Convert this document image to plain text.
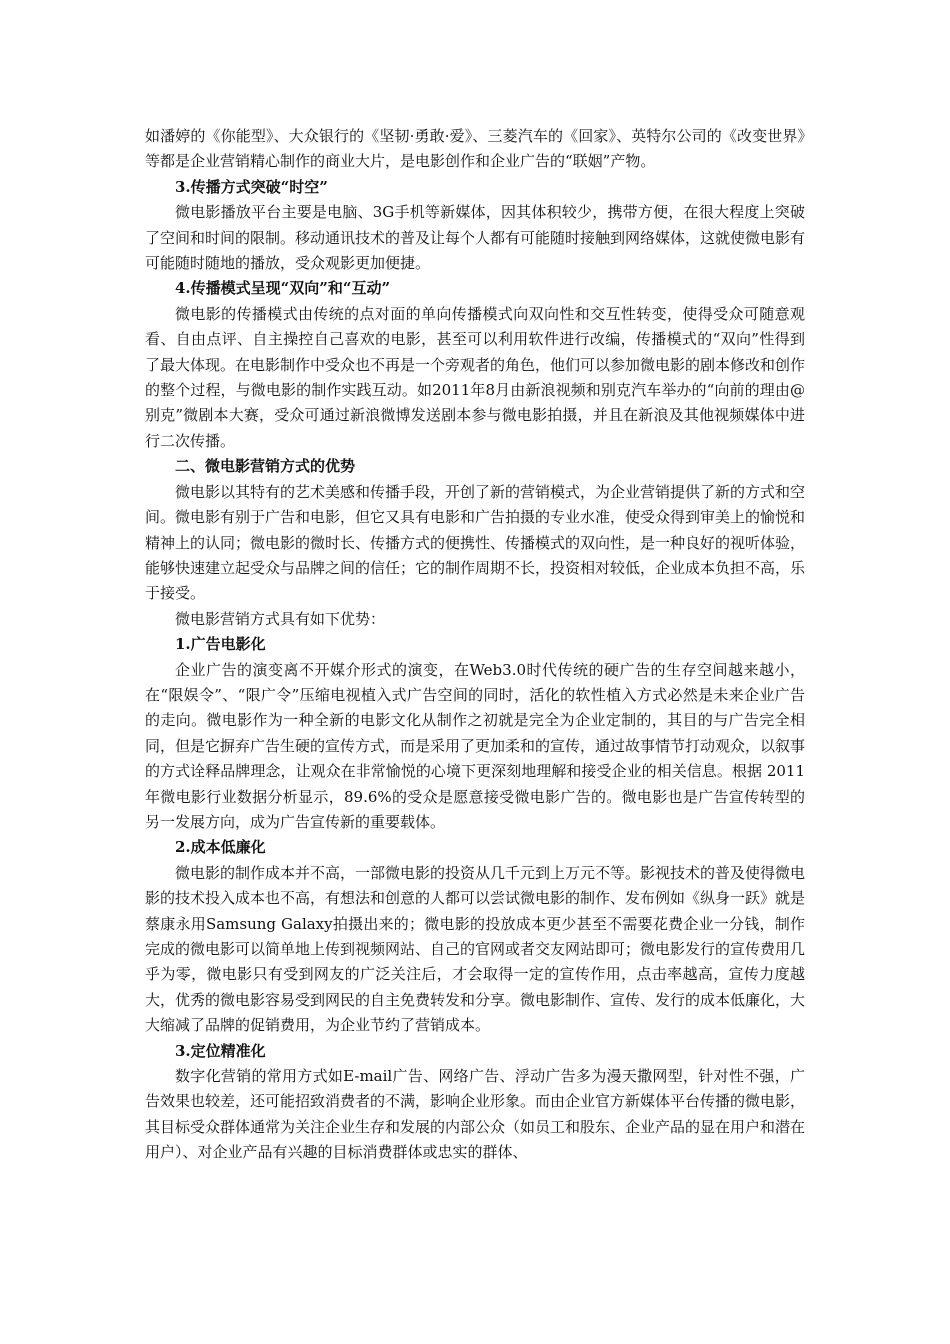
如潘婷的《你能型》、大众银行的《坚韧·勇敢·爱》、三菱汽车的《回家》、英特尔公司的《改变世界》等都是企业营销精心制作的商业大片，是电影创作和企业广告的“联姻”产物。

3.传播方式突破“时空”

微电影播放平台主要是电脑、3G手机等新媒体，因其体积较少，携带方便，在很大程度上突破了空间和时间的限制。移动通讯技术的普及让每个人都有可能随时接触到网络媒体，这就使微电影有可能随时随地的播放，受众观影更加便捷。

4.传播模式呈现“双向”和“互动”

微电影的传播模式由传统的点对面的单向传播模式向双向性和交互性转变，使得受众可随意观看、自由点评、自主操控自己喜欢的电影，甚至可以利用软件进行改编，传播模式的“双向”性得到了最大体现。在电影制作中受众也不再是一个旁观者的角色，他们可以参加微电影的剧本修改和创作的整个过程，与微电影的制作实践互动。如2011年8月由新浪视频和别克汽车举办的“向前的理由@别克”微剧本大赛，受众可通过新浪微博发送剧本参与微电影拍摄，并且在新浪及其他视频媒体中进行二次传播。

二、微电影营销方式的优势

微电影以其特有的艺术美感和传播手段，开创了新的营销模式，为企业营销提供了新的方式和空间。微电影有别于广告和电影，但它又具有电影和广告拍摄的专业水准，使受众得到审美上的愉悦和精神上的认同；微电影的微时长、传播方式的便携性、传播模式的双向性，是一种良好的视听体验，能够快速建立起受众与品牌之间的信任；它的制作周期不长，投资相对较低，企业成本负担不高，乐于接受。

微电影营销方式具有如下优势：

1.广告电影化

企业广告的演变离不开媒介形式的演变，在Web3.0时代传统的硬广告的生存空间越来越小，在“限娱令”、“限广令”压缩电视植入式广告空间的同时，活化的软性植入方式必然是未来企业广告的走向。微电影作为一种全新的电影文化从制作之初就是完全为企业定制的，其目的与广告完全相同，但是它摒弃广告生硬的宣传方式，而是采用了更加柔和的宣传，通过故事情节打动观众，以叙事的方式诠释品牌理念，让观众在非常愉悦的心境下更深刻地理解和接受企业的相关信息。根据 2011 年微电影行业数据分析显示，89.6%的受众是愿意接受微电影广告的。微电影也是广告宣传转型的另一发展方向，成为广告宣传新的重要载体。

2.成本低廉化

微电影的制作成本并不高，一部微电影的投资从几千元到上万元不等。影视技术的普及使得微电影的技术投入成本也不高，有想法和创意的人都可以尝试微电影的制作、发布例如《纵身一跃》就是蔡康永用Samsung Galaxy拍摄出来的；微电影的投放成本更少甚至不需要花费企业一分钱，制作完成的微电影可以简单地上传到视频网站、自己的官网或者交友网站即可；微电影发行的宣传费用几乎为零，微电影只有受到网友的广泛关注后，才会取得一定的宣传作用，点击率越高，宣传力度越大，优秀的微电影容易受到网民的自主免费转发和分享。微电影制作、宣传、发行的成本低廉化，大大缩减了品牌的促销费用，为企业节约了营销成本。

3.定位精准化

数字化营销的常用方式如E-mail广告、网络广告、浮动广告多为漫天撒网型，针对性不强，广告效果也较差，还可能招致消费者的不满，影响企业形象。而由企业官方新媒体平台传播的微电影，其目标受众群体通常为关注企业生存和发展的内部公众（如员工和股东、企业产品的显在用户和潜在用户）、对企业产品有兴趣的目标消费群体或忠实的群体、
